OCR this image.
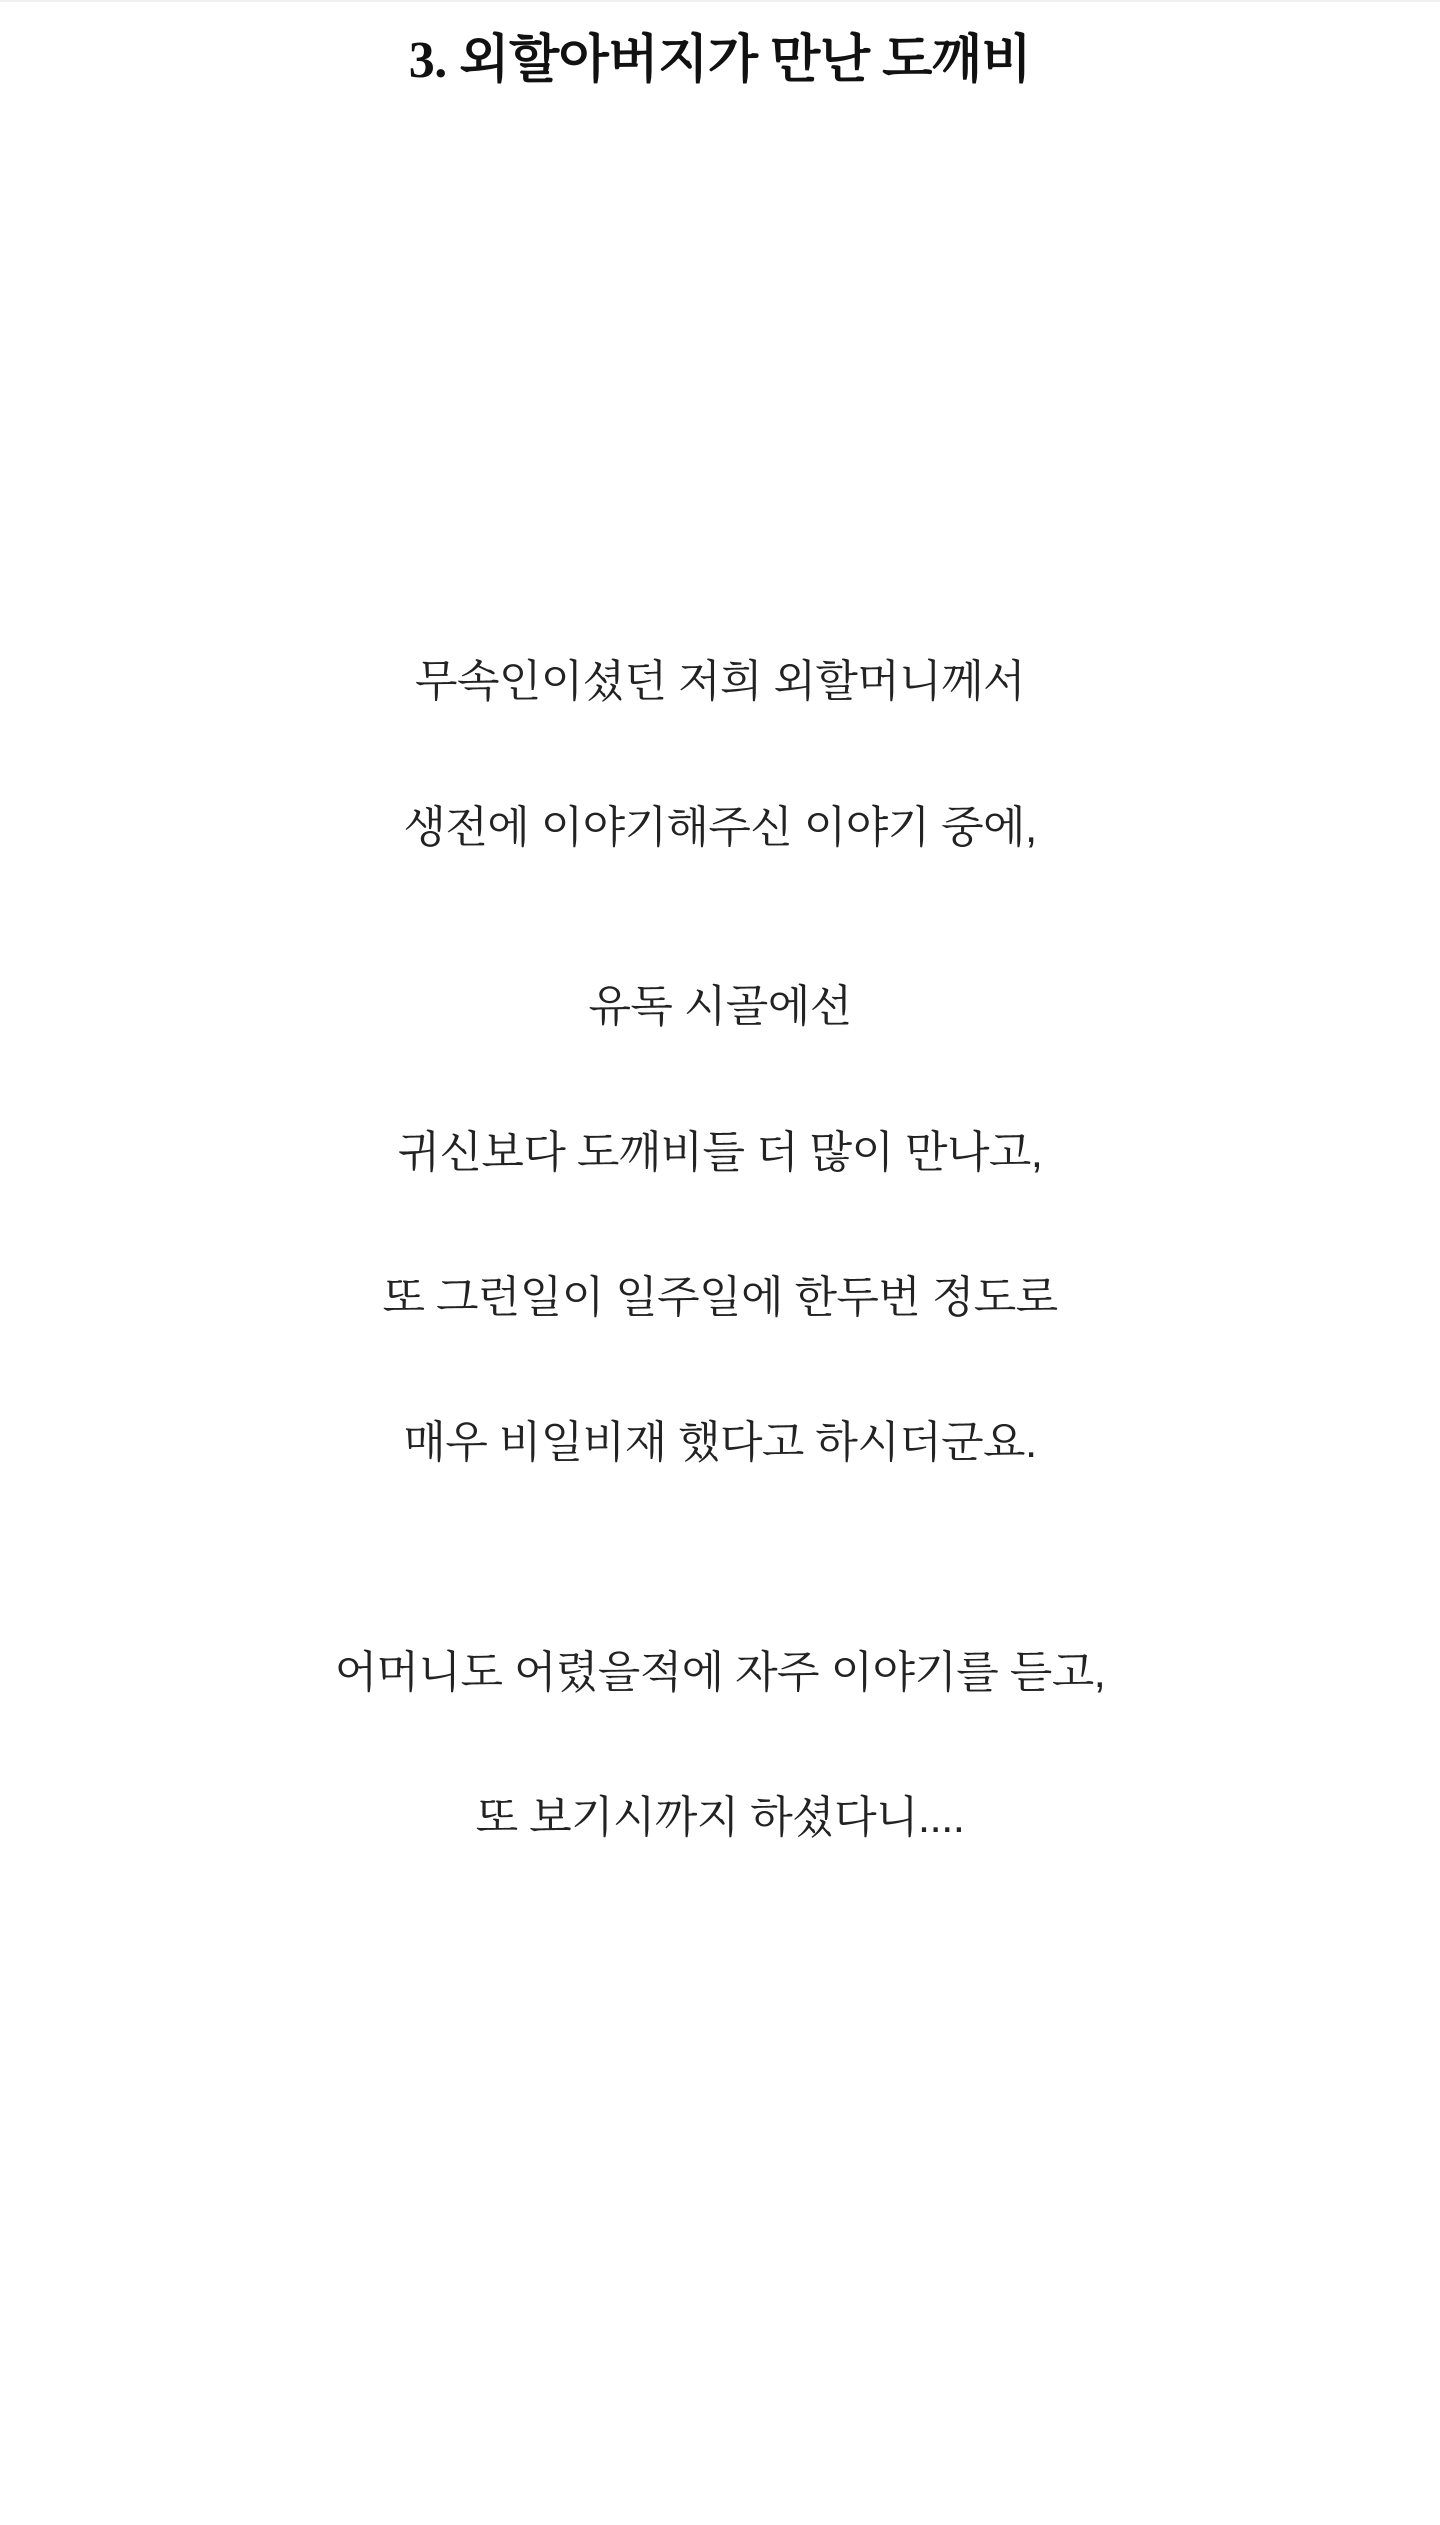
3. 외할아버지가 만난 도깨비
무속인이셨던 저희 외할머니께서
생전에 이야기해주신 이야기 중에,
유독 시골에선
귀신보다 도깨비들 더 많이 만나고,
또 그런일이 일주일에 한두번 정도로
매우 비일비재 했다고 하시더군요.
어머니도 어렸을적에 자주 이야기를 듣고,
또 보기시까지 하셨다니....
